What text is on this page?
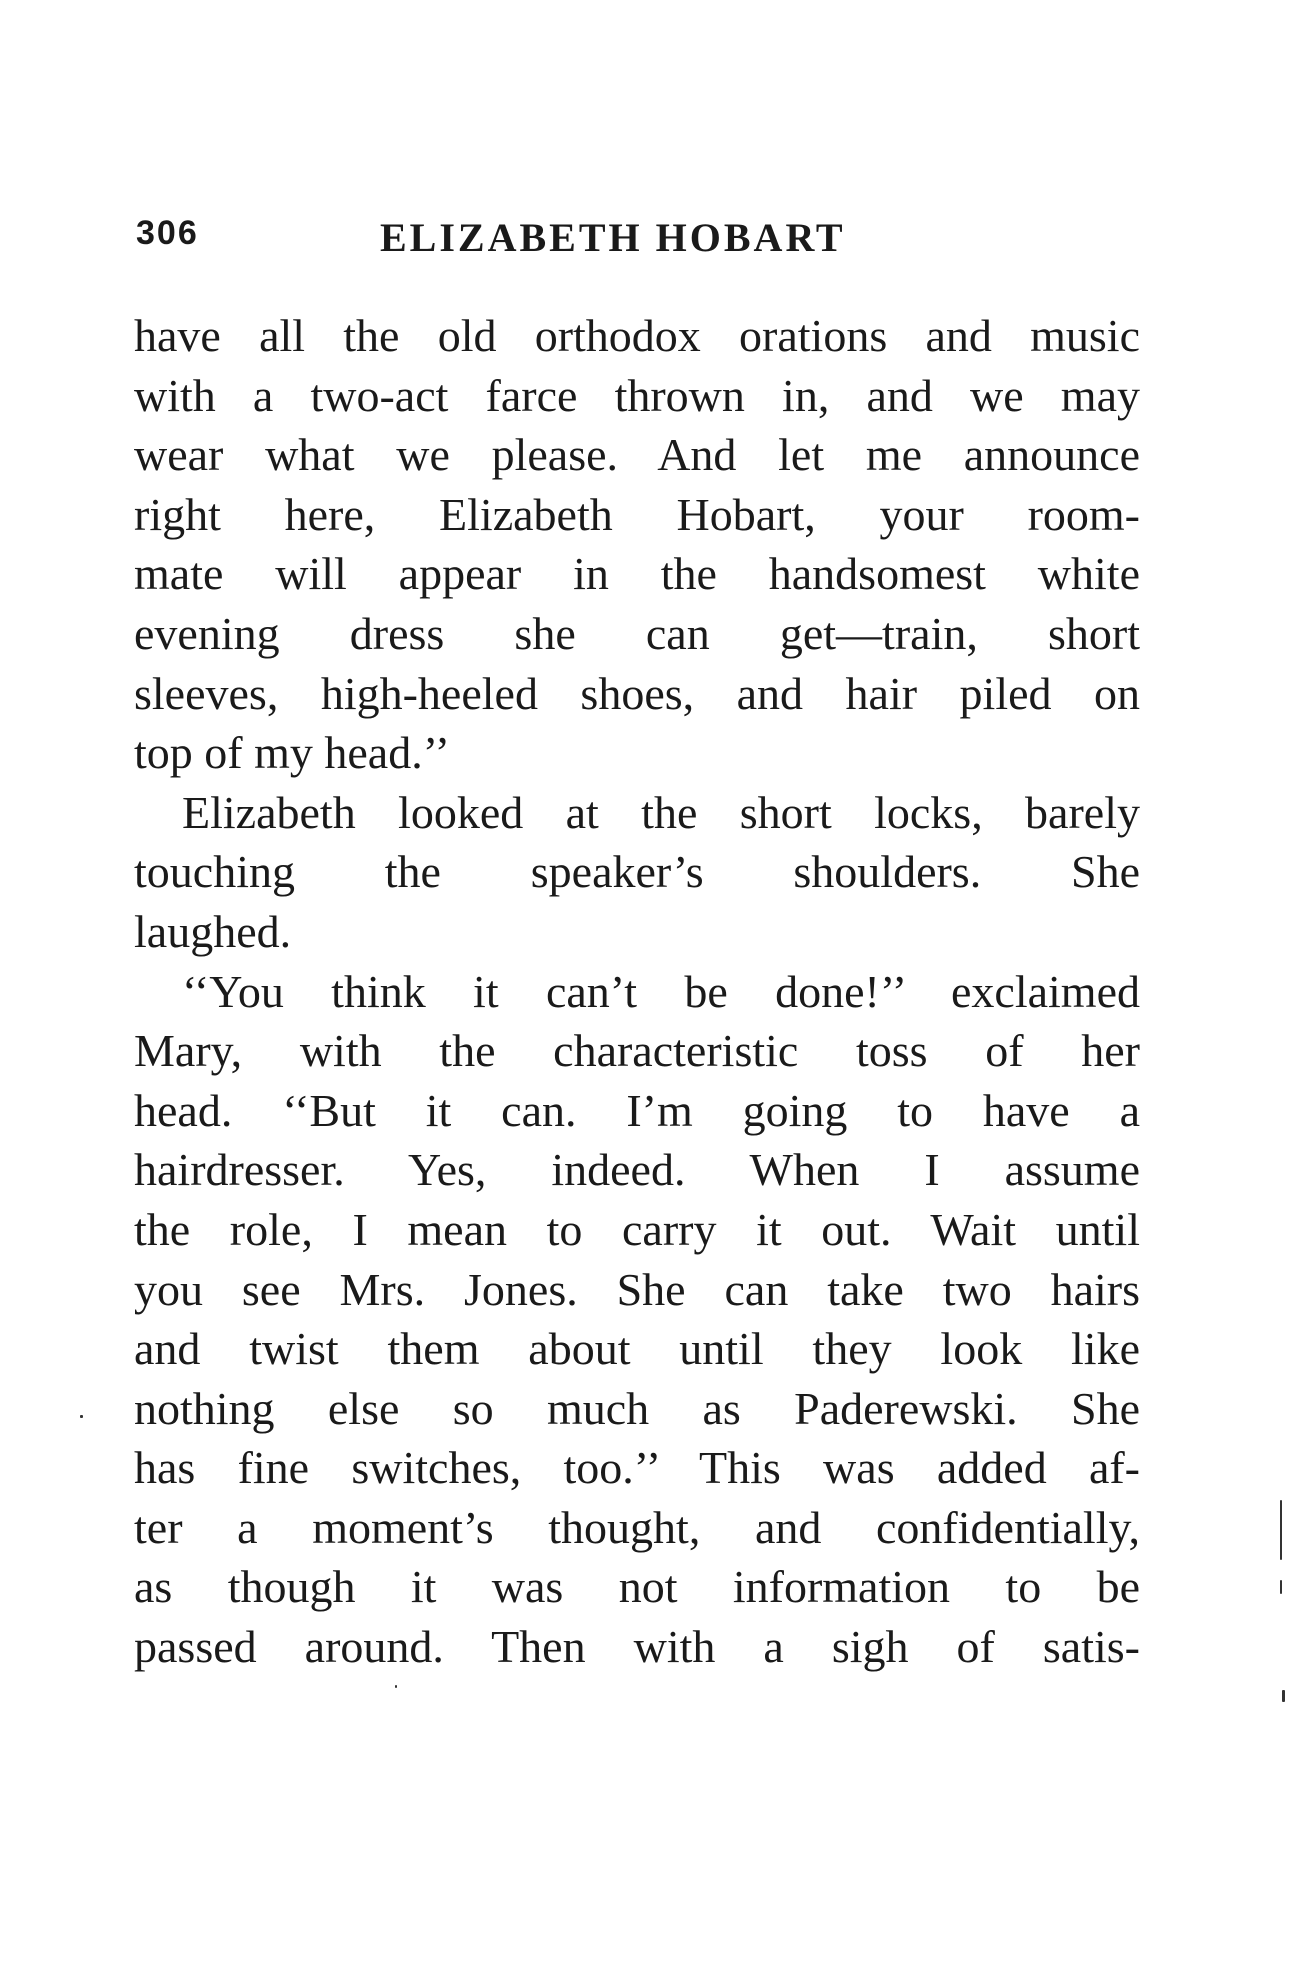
306	ELIZABETH HOBART
have all the old orthodox orations and music
with a two-act farce thrown in, and we may
wear what we please. And let me announce
right here, Elizabeth Hobart, your room-
mate will appear in the handsomest white
evening dress she can get—train, short
sleeves, high-heeled shoes, and hair piled on
top of my head.’’
Elizabeth looked at the short locks, barely
touching the speaker’s shoulders. She
laughed.
‘‘You think it can’t be done!’’ exclaimed
Mary, with the characteristic toss of her
head. ‘‘But it can. I’m going to have a
hairdresser. Yes, indeed. When I assume
the role, I mean to carry it out. Wait until
you see Mrs. Jones. She can take two hairs
and twist them about until they look like
nothing else so much as Paderewski. She
has fine switches, too.’’ This was added af-
ter a moment’s thought, and confidentially,
as though it was not information to be
passed around. Then with a sigh of satis-
